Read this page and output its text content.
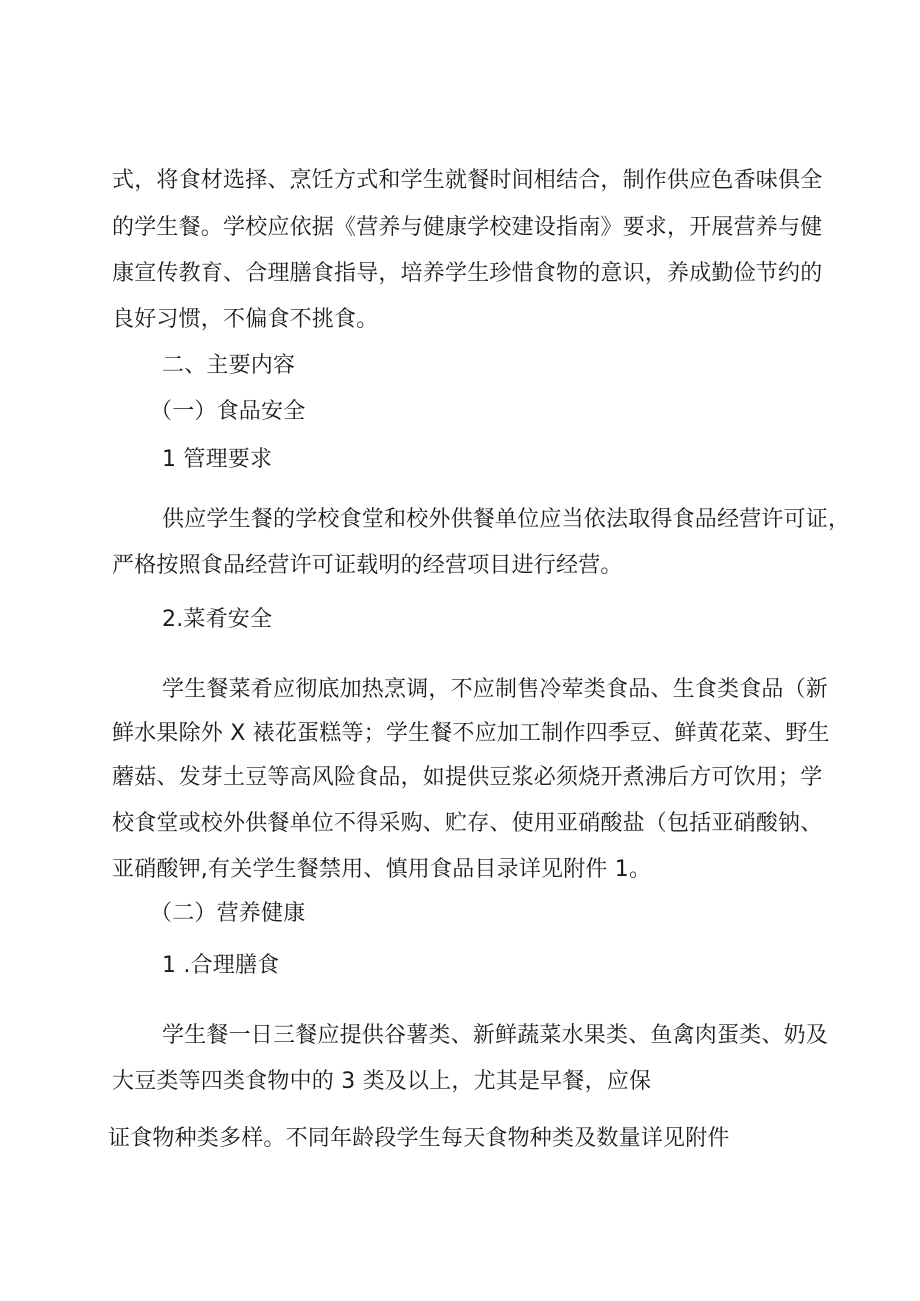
式，将食材选择、烹饪方式和学生就餐时间相结合，制作供应色香味俱全
的学生餐。学校应依据《营养与健康学校建设指南》要求，开展营养与健
康宣传教育、合理膳食指导，培养学生珍惜食物的意识，养成勤俭节约的
良好习惯，不偏食不挑食。
二、主要内容
（一）食品安全
1 管理要求
供应学生餐的学校食堂和校外供餐单位应当依法取得食品经营许可证，
严格按照食品经营许可证载明的经营项目进行经营。
2.菜肴安全
学生餐菜肴应彻底加热烹调，不应制售冷荤类食品、生食类食品（新
鲜水果除外 X 裱花蛋糕等；学生餐不应加工制作四季豆、鲜黄花菜、野生
蘑菇、发芽土豆等高风险食品，如提供豆浆必须烧开煮沸后方可饮用；学
校食堂或校外供餐单位不得采购、贮存、使用亚硝酸盐（包括亚硝酸钠、
亚硝酸钾,有关学生餐禁用、慎用食品目录详见附件 1。
（二）营养健康
1 .合理膳食
学生餐一日三餐应提供谷薯类、新鲜蔬菜水果类、鱼禽肉蛋类、奶及
大豆类等四类食物中的 3 类及以上，尤其是早餐，应保
证食物种类多样。不同年龄段学生每天食物种类及数量详见附件
